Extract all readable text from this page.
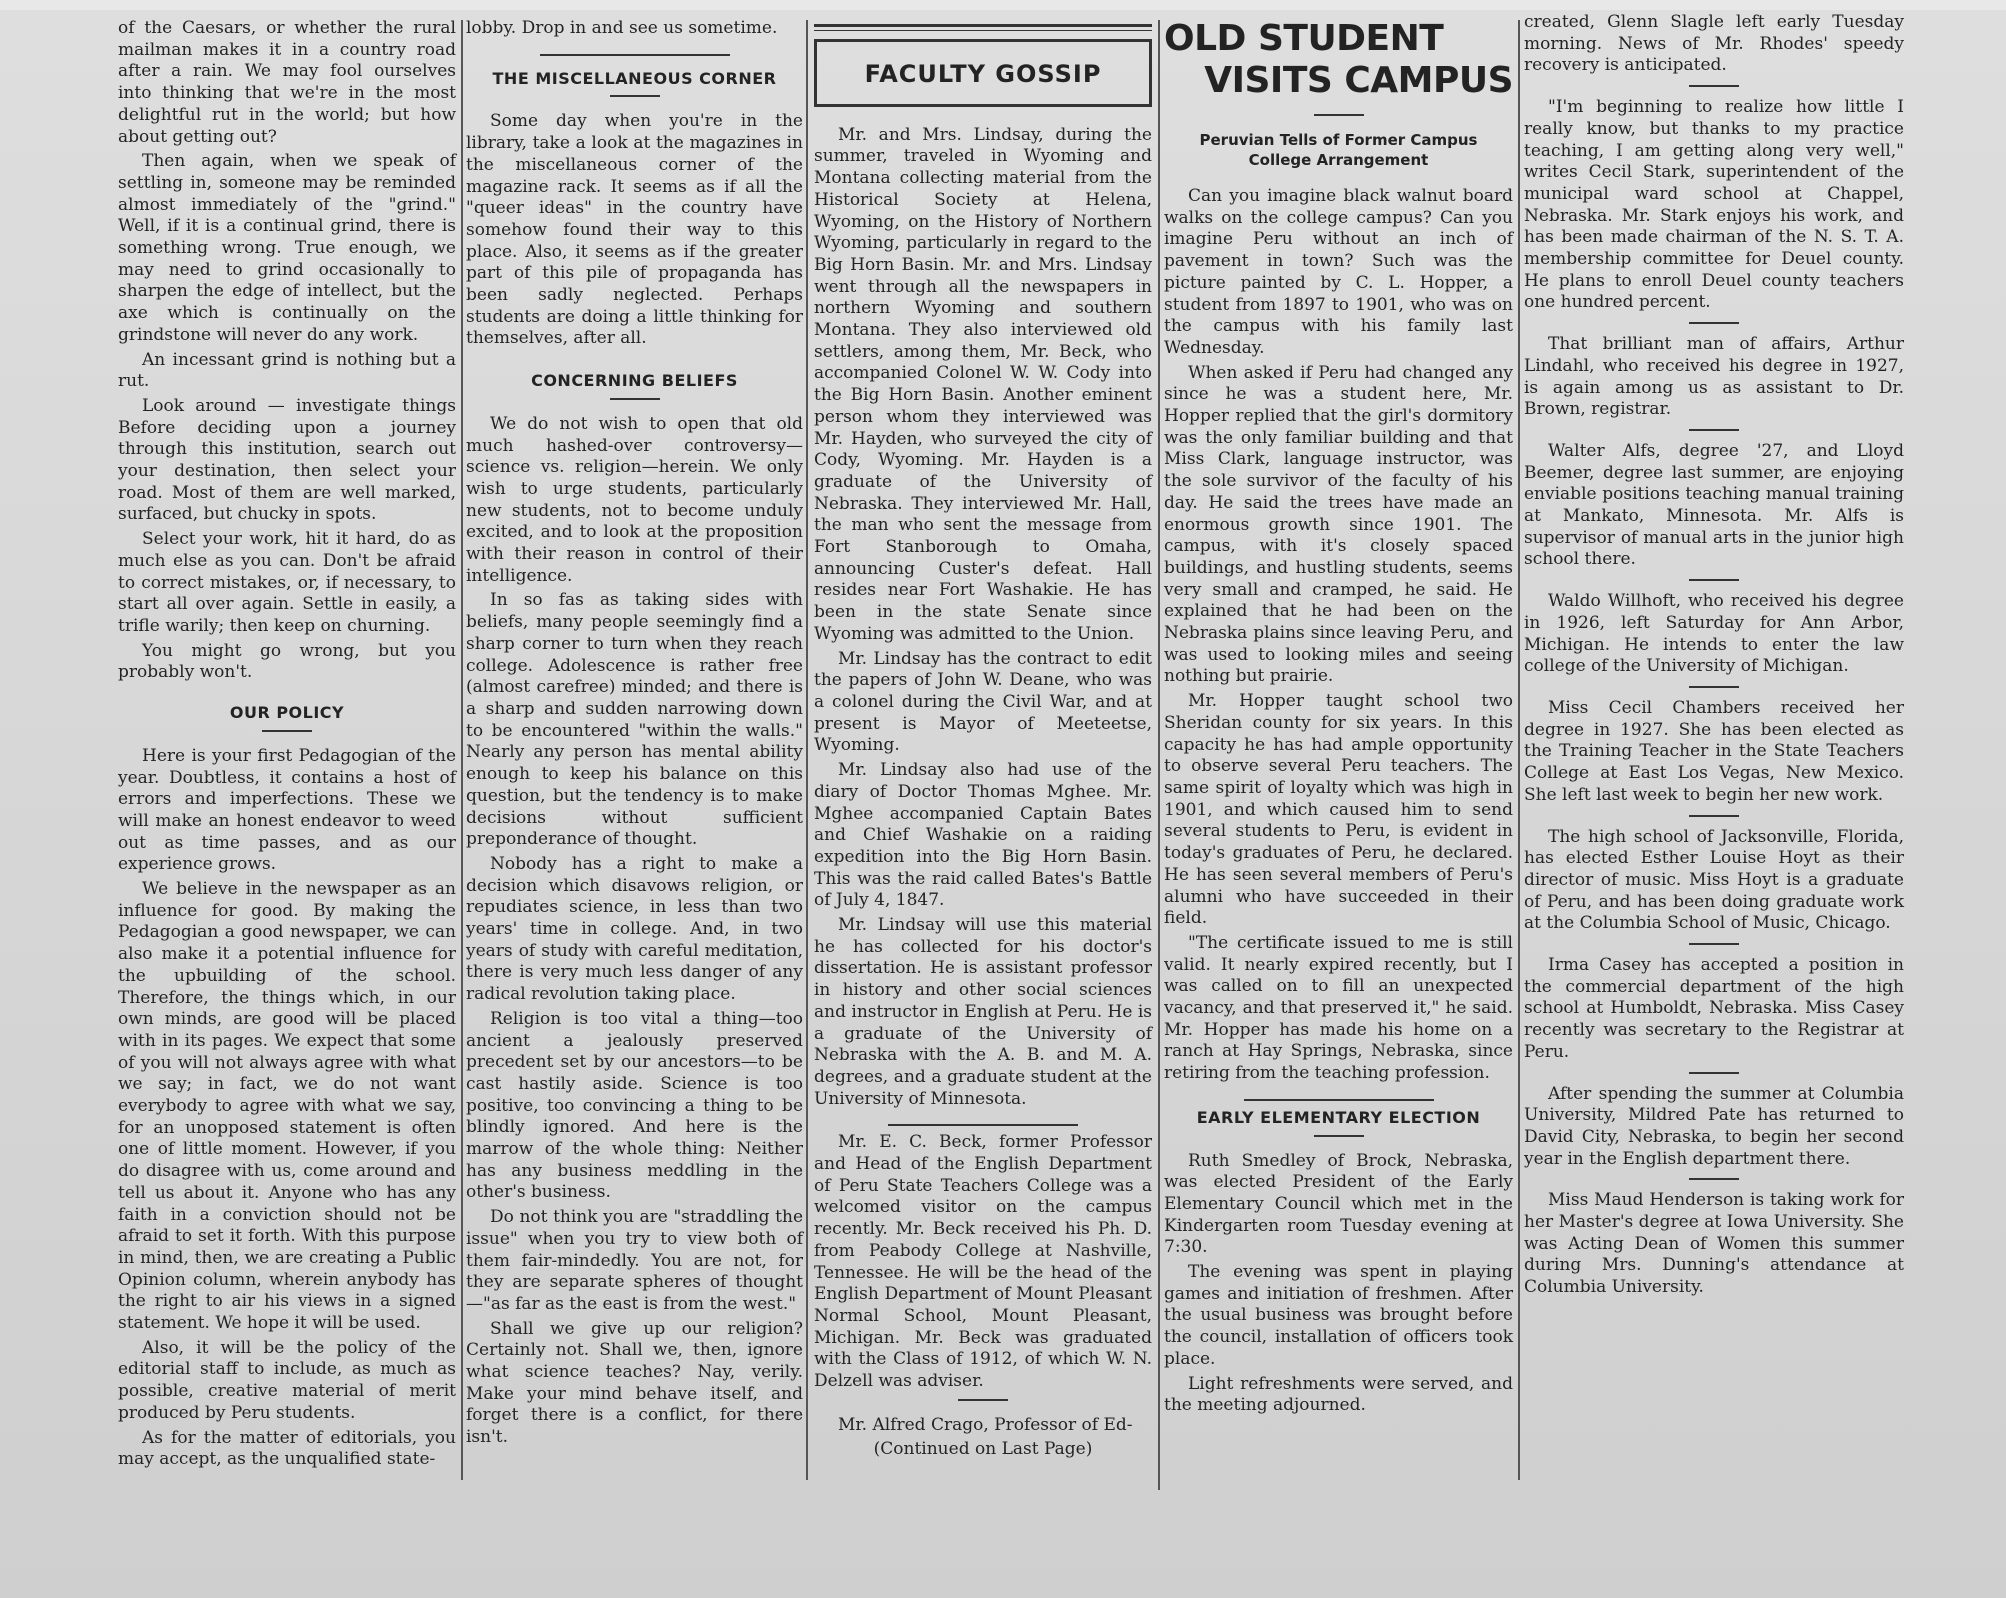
of the Caesars, or whether the rural mailman makes it in a country road after a rain. We may fool ourselves into thinking that we're in the most delightful rut in the world; but how about getting out?

Then again, when we speak of settling in, someone may be reminded almost immediately of the "grind." Well, if it is a continual grind, there is something wrong. True enough, we may need to grind occasionally to sharpen the edge of intellect, but the axe which is continually on the grindstone will never do any work.

An incessant grind is nothing but a rut.

Look around — investigate things Before deciding upon a journey through this institution, search out your destination, then select your road. Most of them are well marked, surfaced, but chucky in spots.

Select your work, hit it hard, do as much else as you can. Don't be afraid to correct mistakes, or, if necessary, to start all over again. Settle in easily, a trifle warily; then keep on churning.

You might go wrong, but you probably won't.

OUR POLICY

Here is your first Pedagogian of the year. Doubtless, it contains a host of errors and imperfections. These we will make an honest endeavor to weed out as time passes, and as our experience grows.

We believe in the newspaper as an influence for good. By making the Pedagogian a good newspaper, we can also make it a potential influence for the upbuilding of the school. Therefore, the things which, in our own minds, are good will be placed with in its pages. We expect that some of you will not always agree with what we say; in fact, we do not want everybody to agree with what we say, for an unopposed statement is often one of little moment. However, if you do disagree with us, come around and tell us about it. Anyone who has any faith in a conviction should not be afraid to set it forth. With this purpose in mind, then, we are creating a Public Opinion column, wherein anybody has the right to air his views in a signed statement. We hope it will be used.

Also, it will be the policy of the editorial staff to include, as much as possible, creative material of merit produced by Peru students.

As for the matter of editorials, you may accept, as the unqualified state-

lobby. Drop in and see us sometime.

THE MISCELLANEOUS CORNER

Some day when you're in the library, take a look at the magazines in the miscellaneous corner of the magazine rack. It seems as if all the "queer ideas" in the country have somehow found their way to this place. Also, it seems as if the greater part of this pile of propaganda has been sadly neglected. Perhaps students are doing a little thinking for themselves, after all.

CONCERNING BELIEFS

We do not wish to open that old much hashed-over controversy—science vs. religion—herein. We only wish to urge students, particularly new students, not to become unduly excited, and to look at the proposition with their reason in control of their intelligence.

In so fas as taking sides with beliefs, many people seemingly find a sharp corner to turn when they reach college. Adolescence is rather free (almost carefree) minded; and there is a sharp and sudden narrowing down to be encountered "within the walls." Nearly any person has mental ability enough to keep his balance on this question, but the tendency is to make decisions without sufficient preponderance of thought.

Nobody has a right to make a decision which disavows religion, or repudiates science, in less than two years' time in college. And, in two years of study with careful meditation, there is very much less danger of any radical revolution taking place.

Religion is too vital a thing—too ancient a jealously preserved precedent set by our ancestors—to be cast hastily aside. Science is too positive, too convincing a thing to be blindly ignored. And here is the marrow of the whole thing: Neither has any business meddling in the other's business.

Do not think you are "straddling the issue" when you try to view both of them fair-mindedly. You are not, for they are separate spheres of thought—"as far as the east is from the west."

Shall we give up our religion? Certainly not. Shall we, then, ignore what science teaches? Nay, verily. Make your mind behave itself, and forget there is a conflict, for there isn't.

FACULTY GOSSIP

Mr. and Mrs. Lindsay, during the summer, traveled in Wyoming and Montana collecting material from the Historical Society at Helena, Wyoming, on the History of Northern Wyoming, particularly in regard to the Big Horn Basin. Mr. and Mrs. Lindsay went through all the newspapers in northern Wyoming and southern Montana. They also interviewed old settlers, among them, Mr. Beck, who accompanied Colonel W. W. Cody into the Big Horn Basin. Another eminent person whom they interviewed was Mr. Hayden, who surveyed the city of Cody, Wyoming. Mr. Hayden is a graduate of the University of Nebraska. They interviewed Mr. Hall, the man who sent the message from Fort Stanborough to Omaha, announcing Custer's defeat. Hall resides near Fort Washakie. He has been in the state Senate since Wyoming was admitted to the Union.

Mr. Lindsay has the contract to edit the papers of John W. Deane, who was a colonel during the Civil War, and at present is Mayor of Meeteetse, Wyoming.

Mr. Lindsay also had use of the diary of Doctor Thomas Mghee. Mr. Mghee accompanied Captain Bates and Chief Washakie on a raiding expedition into the Big Horn Basin. This was the raid called Bates's Battle of July 4, 1847.

Mr. Lindsay will use this material he has collected for his doctor's dissertation. He is assistant professor in history and other social sciences and instructor in English at Peru. He is a graduate of the University of Nebraska with the A. B. and M. A. degrees, and a graduate student at the University of Minnesota.

Mr. E. C. Beck, former Professor and Head of the English Department of Peru State Teachers College was a welcomed visitor on the campus recently. Mr. Beck received his Ph. D. from Peabody College at Nashville, Tennessee. He will be the head of the English Department of Mount Pleasant Normal School, Mount Pleasant, Michigan. Mr. Beck was graduated with the Class of 1912, of which W. N. Delzell was adviser.

Mr. Alfred Crago, Professor of Ed-

(Continued on Last Page)

OLD STUDENT
VISITS CAMPUS
Peruvian Tells of Former Campus
College Arrangement

Can you imagine black walnut board walks on the college campus? Can you imagine Peru without an inch of pavement in town? Such was the picture painted by C. L. Hopper, a student from 1897 to 1901, who was on the campus with his family last Wednesday.

When asked if Peru had changed any since he was a student here, Mr. Hopper replied that the girl's dormitory was the only familiar building and that Miss Clark, language instructor, was the sole survivor of the faculty of his day. He said the trees have made an enormous growth since 1901. The campus, with it's closely spaced buildings, and hustling students, seems very small and cramped, he said. He explained that he had been on the Nebraska plains since leaving Peru, and was used to looking miles and seeing nothing but prairie.

Mr. Hopper taught school two Sheridan county for six years. In this capacity he has had ample opportunity to observe several Peru teachers. The same spirit of loyalty which was high in 1901, and which caused him to send several students to Peru, is evident in today's graduates of Peru, he declared. He has seen several members of Peru's alumni who have succeeded in their field.

"The certificate issued to me is still valid. It nearly expired recently, but I was called on to fill an unexpected vacancy, and that preserved it," he said. Mr. Hopper has made his home on a ranch at Hay Springs, Nebraska, since retiring from the teaching profession.

EARLY ELEMENTARY ELECTION

Ruth Smedley of Brock, Nebraska, was elected President of the Early Elementary Council which met in the Kindergarten room Tuesday evening at 7:30.

The evening was spent in playing games and initiation of freshmen. After the usual business was brought before the council, installation of officers took place.

Light refreshments were served, and the meeting adjourned.

created, Glenn Slagle left early Tuesday morning. News of Mr. Rhodes' speedy recovery is anticipated.

"I'm beginning to realize how little I really know, but thanks to my practice teaching, I am getting along very well," writes Cecil Stark, superintendent of the municipal ward school at Chappel, Nebraska. Mr. Stark enjoys his work, and has been made chairman of the N. S. T. A. membership committee for Deuel county. He plans to enroll Deuel county teachers one hundred percent.

That brilliant man of affairs, Arthur Lindahl, who received his degree in 1927, is again among us as assistant to Dr. Brown, registrar.

Walter Alfs, degree '27, and Lloyd Beemer, degree last summer, are enjoying enviable positions teaching manual training at Mankato, Minnesota. Mr. Alfs is supervisor of manual arts in the junior high school there.

Waldo Willhoft, who received his degree in 1926, left Saturday for Ann Arbor, Michigan. He intends to enter the law college of the University of Michigan.

Miss Cecil Chambers received her degree in 1927. She has been elected as the Training Teacher in the State Teachers College at East Los Vegas, New Mexico. She left last week to begin her new work.

The high school of Jacksonville, Florida, has elected Esther Louise Hoyt as their director of music. Miss Hoyt is a graduate of Peru, and has been doing graduate work at the Columbia School of Music, Chicago.

Irma Casey has accepted a position in the commercial department of the high school at Humboldt, Nebraska. Miss Casey recently was secretary to the Registrar at Peru.

After spending the summer at Columbia University, Mildred Pate has returned to David City, Nebraska, to begin her second year in the English department there.

Miss Maud Henderson is taking work for her Master's degree at Iowa University. She was Acting Dean of Women this summer during Mrs. Dunning's attendance at Columbia University.
